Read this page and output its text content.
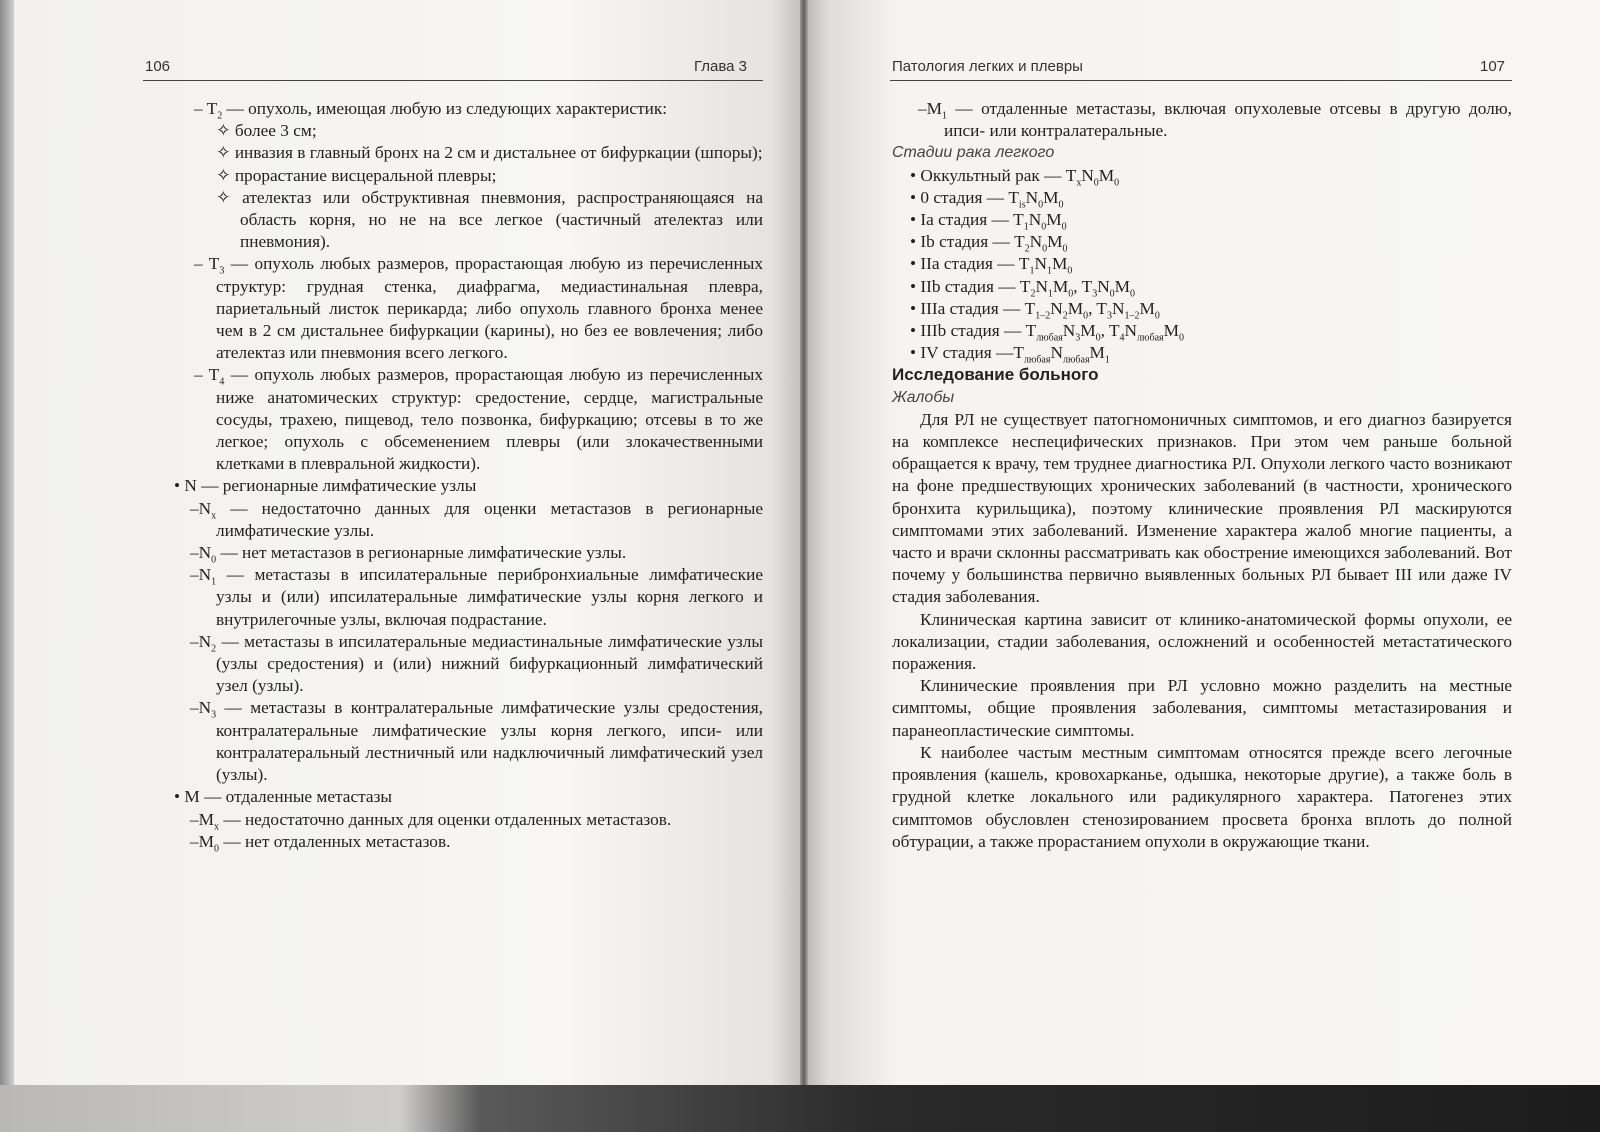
106	Глава 3
– $T_2$ — опухоль, имеющая любую из следующих характеристик:
✧ более 3 см;
✧ инвазия в главный бронх на 2 см и дистальнее от бифуркации (шпоры);
✧ прорастание висцеральной плевры;
✧ ателектаз или обструктивная пневмония, распространяющаяся на область корня, но не на все легкое (частичный ателектаз или пневмония).
– $T_3$ — опухоль любых размеров, прорастающая любую из перечисленных структур: грудная стенка, диафрагма, медиастинальная плевра, париетальный листок перикарда; либо опухоль главного бронха менее чем в 2 см дистальнее бифуркации (карины), но без ее вовлечения; либо ателектаз или пневмония всего легкого.
– $T_4$ — опухоль любых размеров, прорастающая любую из перечисленных ниже анатомических структур: средостение, сердце, магистральные сосуды, трахею, пищевод, тело позвонка, бифуркацию; отсевы в то же легкое; опухоль с обсеменением плевры (или злокачественными клетками в плевральной жидкости).
• N — регионарные лимфатические узлы
$-N_x$ — недостаточно данных для оценки метастазов в регионарные лимфатические узлы.
$-N_0$ — нет метастазов в регионарные лимфатические узлы.
$-N_1$ — метастазы в ипсилатеральные перибронхиальные лимфатические узлы и (или) ипсилатеральные лимфатические узлы корня легкого и внутрилегочные узлы, включая подрастание.
$-N_2$ — метастазы в ипсилатеральные медиастинальные лимфатические узлы (узлы средостения) и (или) нижний бифуркационный лимфатический узел (узлы).
$-N_3$ — метастазы в контралатеральные лимфатические узлы средостения, контралатеральные лимфатические узлы корня легкого, ипси- или контралатеральный лестничный или надключичный лимфатический узел (узлы).
• M — отдаленные метастазы
$-M_x$ — недостаточно данных для оценки отдаленных метастазов.
$-M_0$ — нет отдаленных метастазов.
Патология легких и плевры	107
$-M_1$ — отдаленные метастазы, включая опухолевые отсевы в другую долю, ипси- или контралатеральные.
Стадии рака легкого
• Оккультный рак — $T_xN_0M_0$
• 0 стадия — $T_{is}N_0M_0$
• Ia стадия — $T_1N_0M_0$
• Ib стадия — $T_2N_0M_0$
• IIa стадия — $T_1N_1M_0$
• IIb стадия — $T_2N_1M_0$, $T_3N_0M_0$
• IIIa стадия — $T_{1-2}N_2M_0$, $T_3N_{1-2}M_0$
• IIIb стадия — $T_{любая}N_3M_0$, $T_4N_{любая}M_0$
• IV стадия $—T_{любая}N_{любая}M_1$
Исследование больного
Жалобы

Для РЛ не существует патогномоничных симптомов, и его диагноз базируется на комплексе неспецифических признаков. При этом чем раньше больной обращается к врачу, тем труднее диагностика РЛ. Опухоли легкого часто возникают на фоне предшествующих хронических заболеваний (в частности, хронического бронхита курильщика), поэтому клинические проявления РЛ маскируются симптомами этих заболеваний. Изменение характера жалоб многие пациенты, а часто и врачи склонны рассматривать как обострение имеющихся заболеваний. Вот почему у большинства первично выявленных больных РЛ бывает III или даже IV стадия заболевания.

Клиническая картина зависит от клинико-анатомической формы опухоли, ее локализации, стадии заболевания, осложнений и особенностей метастатического поражения.

Клинические проявления при РЛ условно можно разделить на местные симптомы, общие проявления заболевания, симптомы метастазирования и паранеопластические симптомы.

К наиболее частым местным симптомам относятся прежде всего легочные проявления (кашель, кровохарканье, одышка, некоторые другие), а также боль в грудной клетке локального или радикулярного характера. Патогенез этих симптомов обусловлен стенозированием просвета бронха вплоть до полной обтурации, а также прорастанием опухоли в окружающие ткани.
